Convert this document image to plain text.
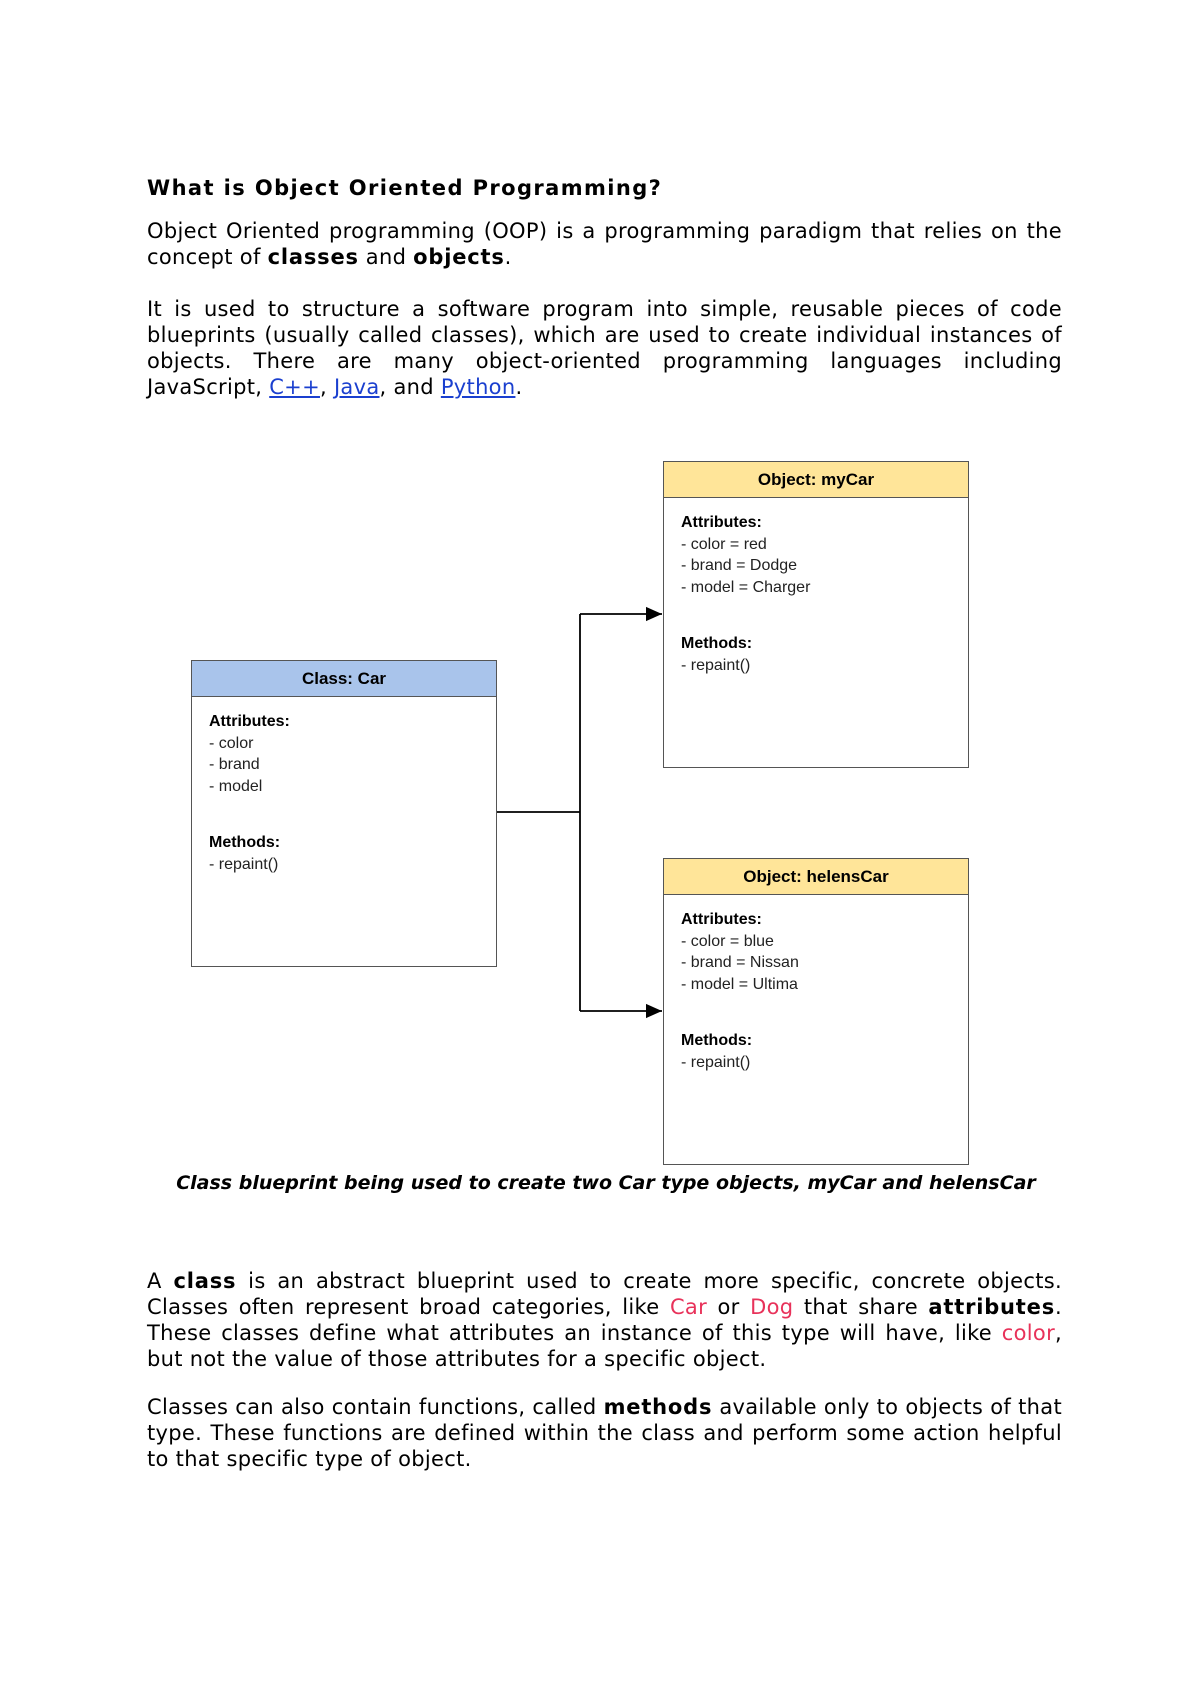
What is Object Oriented Programming?
Object Oriented programming (OOP) is a programming paradigm that relies on the concept of classes and objects.
It is used to structure a software program into simple, reusable pieces of code blueprints (usually called classes), which are used to create individual instances of objects. There are many object-oriented programming languages including JavaScript, C++, Java, and Python.
Class: Car
Attributes:
- color
- brand
- model
Methods:
- repaint()
Object: myCar
Attributes:
- color = red
- brand = Dodge
- model = Charger
Methods:
- repaint()
Object: helensCar
Attributes:
- color = blue
- brand = Nissan
- model = Ultima
Methods:
- repaint()
Class blueprint being used to create two Car type objects, myCar and helensCar
A class is an abstract blueprint used to create more specific, concrete objects. Classes often represent broad categories, like Car or Dog that share attributes. These classes define what attributes an instance of this type will have, like color, but not the value of those attributes for a specific object.
Classes can also contain functions, called methods available only to objects of that type. These functions are defined within the class and perform some action helpful to that specific type of object.
